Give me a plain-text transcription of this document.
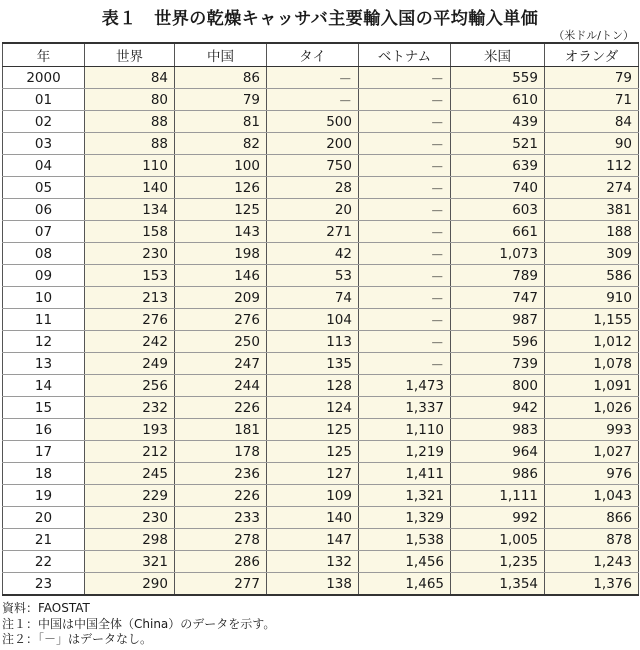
表１　世界の乾燥キャッサバ主要輸入国の平均輸入単価
（米ドル/トン）
年	世界	中国	タイ	ベトナム	米国	オランダ
2000	84	86	－	－	559	79
01	80	79	－	－	610	71
02	88	81	500	－	439	84
03	88	82	200	－	521	90
04	110	100	750	－	639	112
05	140	126	28	－	740	274
06	134	125	20	－	603	381
07	158	143	271	－	661	188
08	230	198	42	－	1,073	309
09	153	146	53	－	789	586
10	213	209	74	－	747	910
11	276	276	104	－	987	1,155
12	242	250	113	－	596	1,012
13	249	247	135	－	739	1,078
14	256	244	128	1,473	800	1,091
15	232	226	124	1,337	942	1,026
16	193	181	125	1,110	983	993
17	212	178	125	1,219	964	1,027
18	245	236	127	1,411	986	976
19	229	226	109	1,321	1,111	1,043
20	230	233	140	1,329	992	866
21	298	278	147	1,538	1,005	878
22	321	286	132	1,456	1,235	1,243
23	290	277	138	1,465	1,354	1,376
資料：FAOSTAT
注１：中国は中国全体（China）のデータを示す。
注２：「－」はデータなし。
